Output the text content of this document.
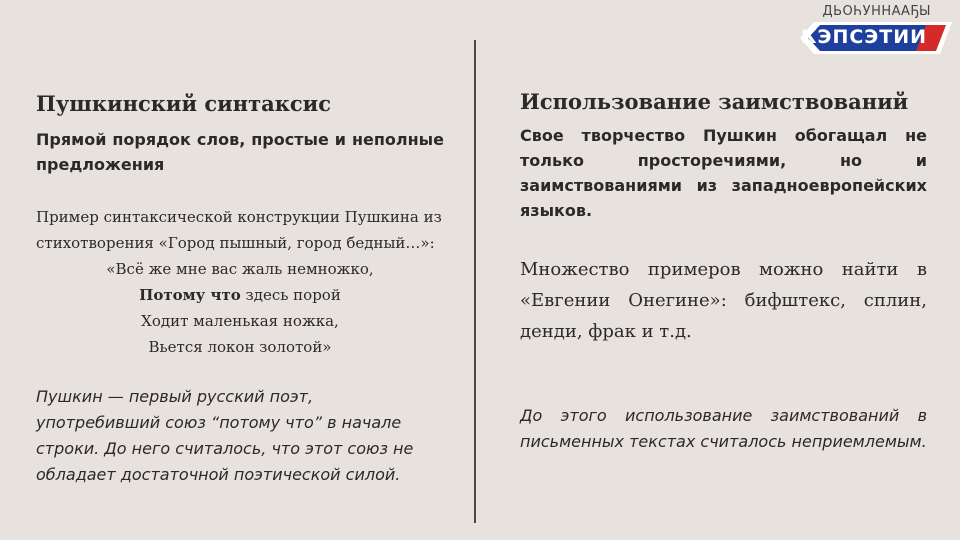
ДЬОҺУННААҔЫ
КЭПСЭТИИ
Пушкинский синтаксис

Прямой порядок слов, простые и неполные предложения

Пример синтаксической конструкции Пушкина из стихотворения «Город пышный, город бедный…»:

«Всё же мне вас жаль немножко,
Потому что здесь порой
Ходит маленькая ножка,
Вьется локон золотой»

Пушкин — первый русский поэт, употребивший союз “потому что” в начале строки. До него считалось, что этот союз не обладает достаточной поэтической силой.

Использование заимствований

Свое творчество Пушкин обогащал не только просторечиями, но и заимствованиями из западноевропейских языков.

Множество примеров можно найти в «Евгении Онегине»: бифштекс, сплин, денди, фрак и т.д.

До этого использование заимствований в письменных текстах считалось неприемлемым.
